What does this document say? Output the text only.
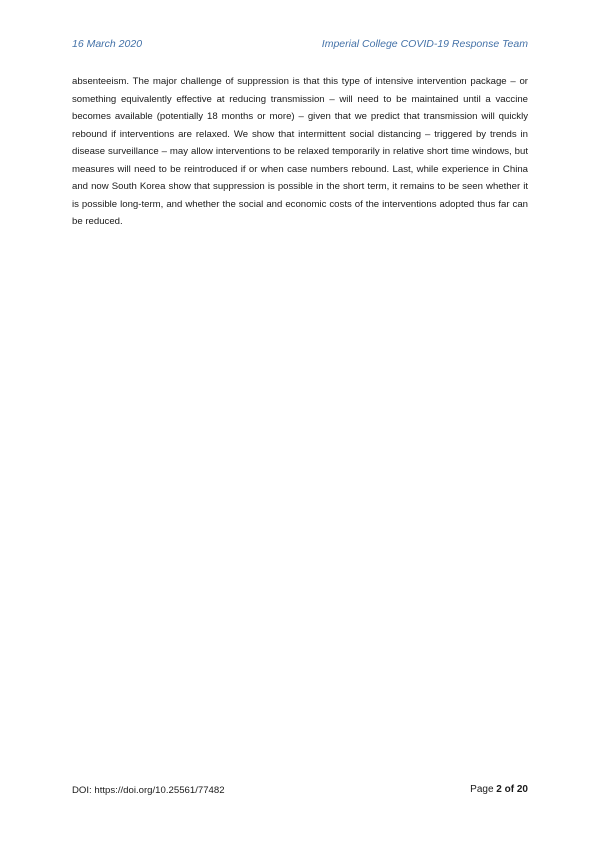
16 March 2020	Imperial College COVID-19 Response Team

absenteeism. The major challenge of suppression is that this type of intensive intervention package – or something equivalently effective at reducing transmission – will need to be maintained until a vaccine becomes available (potentially 18 months or more) – given that we predict that transmission will quickly rebound if interventions are relaxed. We show that intermittent social distancing – triggered by trends in disease surveillance – may allow interventions to be relaxed temporarily in relative short time windows, but measures will need to be reintroduced if or when case numbers rebound. Last, while experience in China and now South Korea show that suppression is possible in the short term, it remains to be seen whether it is possible long-term, and whether the social and economic costs of the interventions adopted thus far can be reduced.

DOI: https://doi.org/10.25561/77482	Page 2 of 20
